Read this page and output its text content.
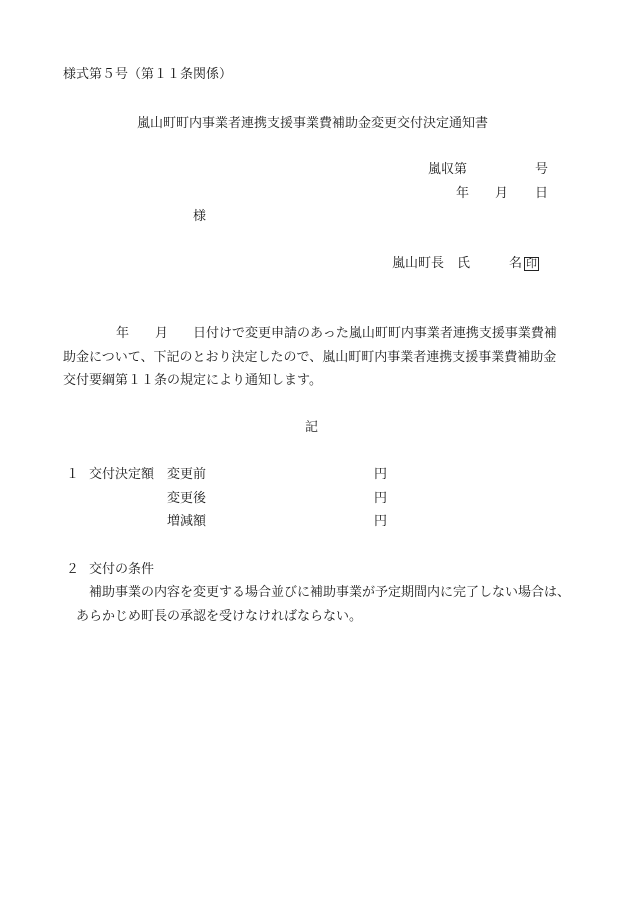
様式第５号（第１１条関係）
嵐山町町内事業者連携支援事業費補助金変更交付決定通知書
嵐収第	号
年 月 日
様
嵐山町長 氏	名 印
年 月 日付けで変更申請のあった嵐山町町内事業者連携支援事業費補
助金について、下記のとおり決定したので、嵐山町町内事業者連携支援事業費補助金
交付要綱第１１条の規定により通知します。
記
１ 交付決定額 変更前	円
変更後	円
増減額	円
２ 交付の条件
補助事業の内容を変更する場合並びに補助事業が予定期間内に完了しない場合は、
あらかじめ町長の承認を受けなければならない。
